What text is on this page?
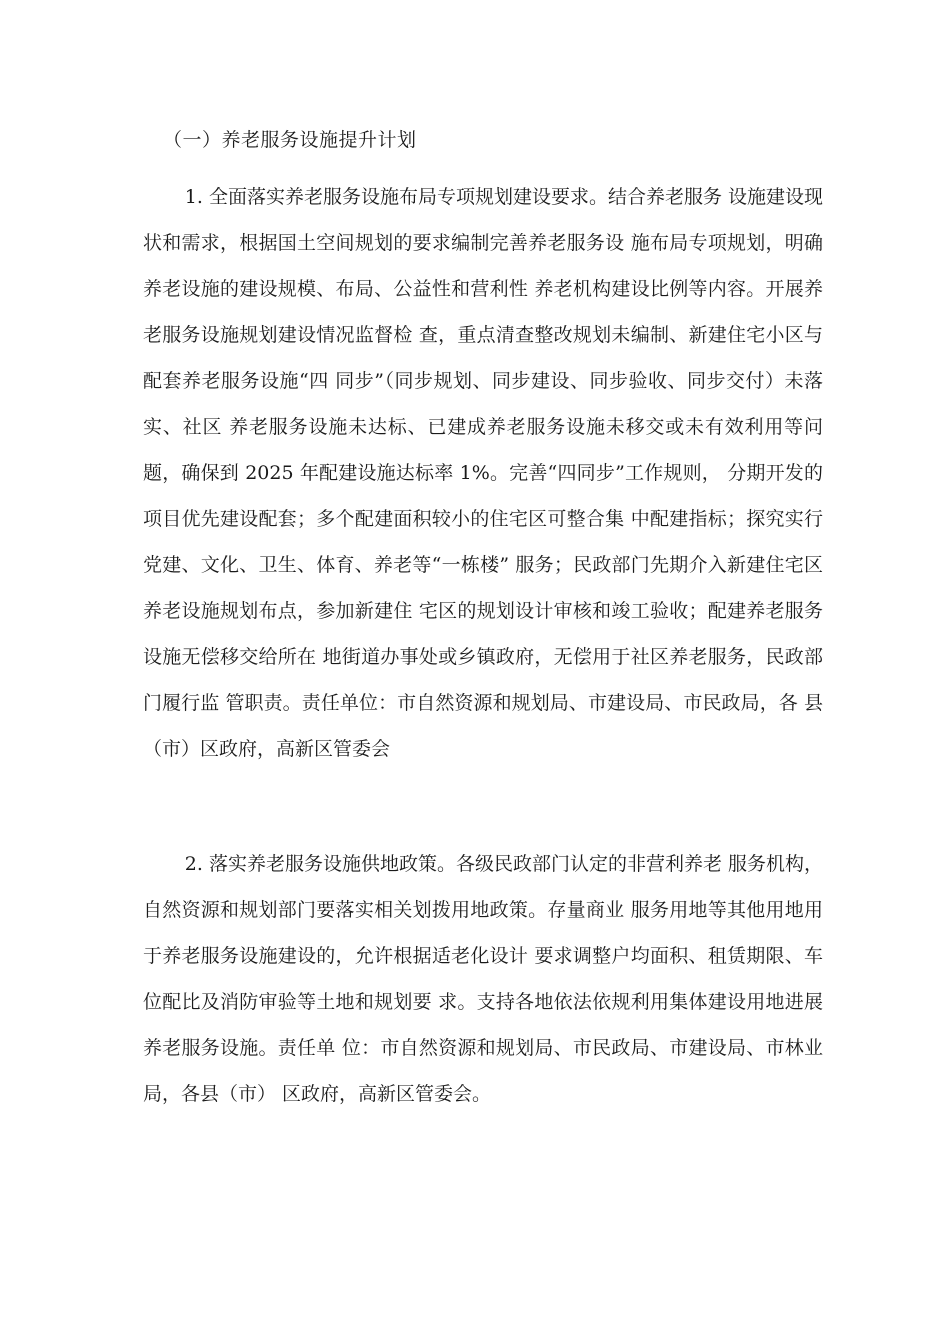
（一）养老服务设施提升计划

1. 全面落实养老服务设施布局专项规划建设要求。结合养老服务 设施建设现状和需求，根据国土空间规划的要求编制完善养老服务设 施布局专项规划，明确养老设施的建设规模、布局、公益性和营利性 养老机构建设比例等内容。开展养老服务设施规划建设情况监督检 查，重点清查整改规划未编制、新建住宅小区与配套养老服务设施“四 同步”（同步规划、同步建设、同步验收、同步交付）未落实、社区 养老服务设施未达标、已建成养老服务设施未移交或未有效利用等问 题，确保到 2025 年配建设施达标率 1%。完善“四同步”工作规则， 分期开发的项目优先建设配套；多个配建面积较小的住宅区可整合集 中配建指标；探究实行党建、文化、卫生、体育、养老等“一栋楼” 服务；民政部门先期介入新建住宅区养老设施规划布点，参加新建住 宅区的规划设计审核和竣工验收；配建养老服务设施无偿移交给所在 地街道办事处或乡镇政府，无偿用于社区养老服务，民政部门履行监 管职责。责任单位：市自然资源和规划局、市建设局、市民政局，各 县（市）区政府，高新区管委会

2. 落实养老服务设施供地政策。各级民政部门认定的非营利养老 服务机构，自然资源和规划部门要落实相关划拨用地政策。存量商业 服务用地等其他用地用于养老服务设施建设的，允许根据适老化设计 要求调整户均面积、租赁期限、车位配比及消防审验等土地和规划要 求。支持各地依法依规利用集体建设用地进展养老服务设施。责任单 位：市自然资源和规划局、市民政局、市建设局、市林业局，各县（市） 区政府，高新区管委会。
